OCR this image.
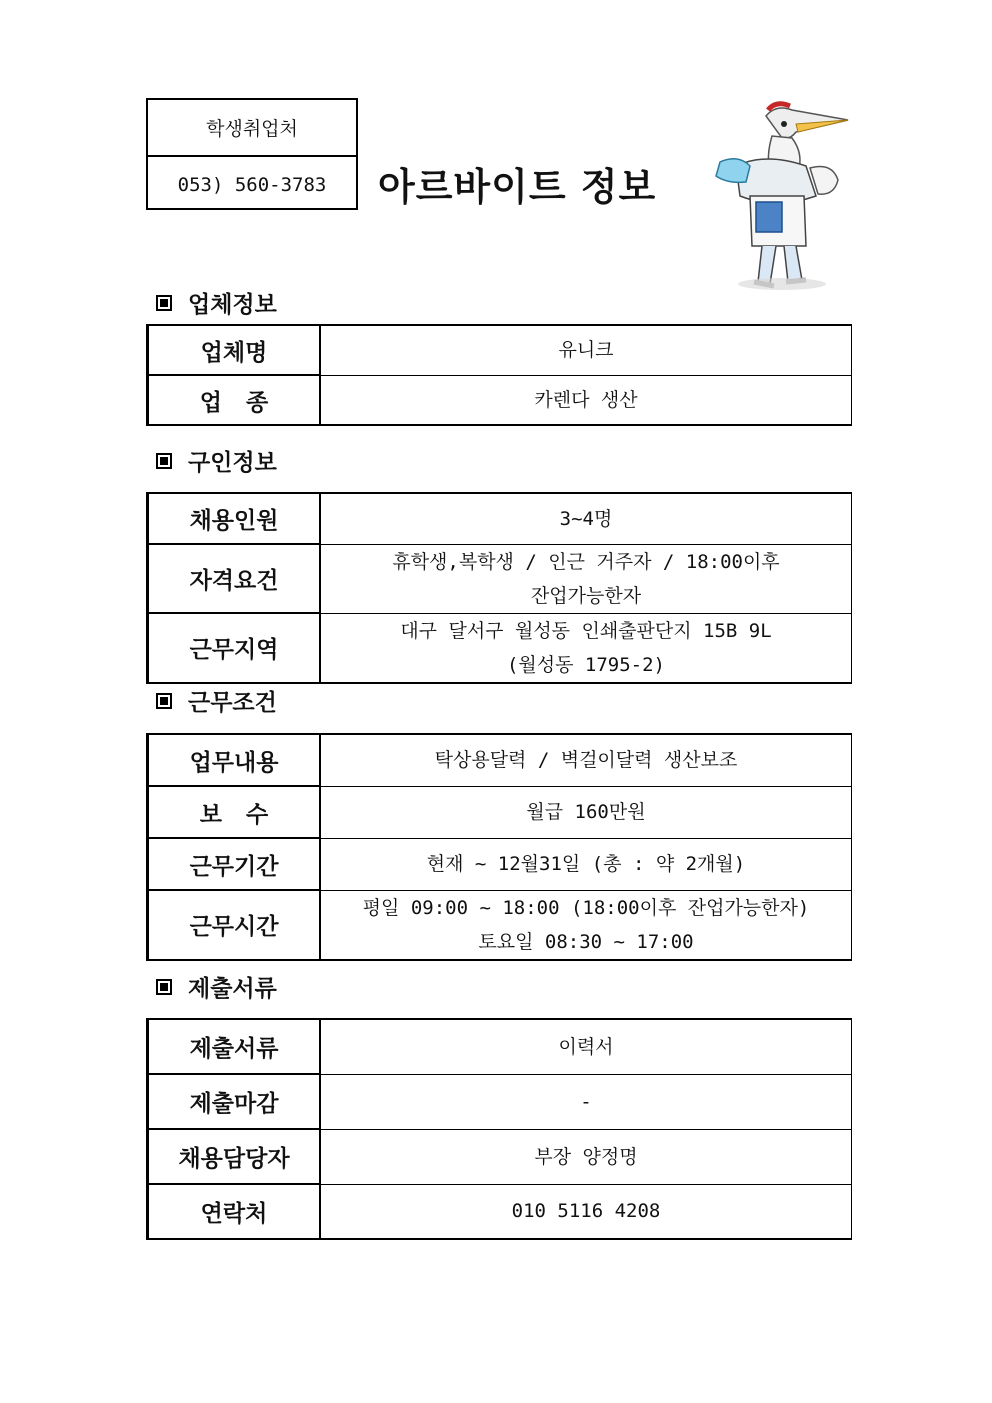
학생취업처
053) 560-3783	아르바이트 정보
업체정보
업체명	유니크
업   종	카렌다 생산
구인정보
채용인원	3~4명
자격요건	휴학생,복학생 / 인근 거주자 / 18:00이후
잔업가능한자

근무지역	대구 달서구 월성동 인쇄출판단지 15B 9L
(월성동 1795-2)
근무조건
업무내용	탁상용달력 / 벽걸이달력 생산보조
보   수	월급 160만원
근무기간	현재 ~ 12월31일 (총 : 약 2개월)
근무시간	평일 09:00 ~ 18:00 (18:00이후 잔업가능한자)
토요일 08:30 ~ 17:00
제출서류
제출서류	이력서
제출마감	-
채용담당자	부장 양정명
연락처	010 5116 4208
